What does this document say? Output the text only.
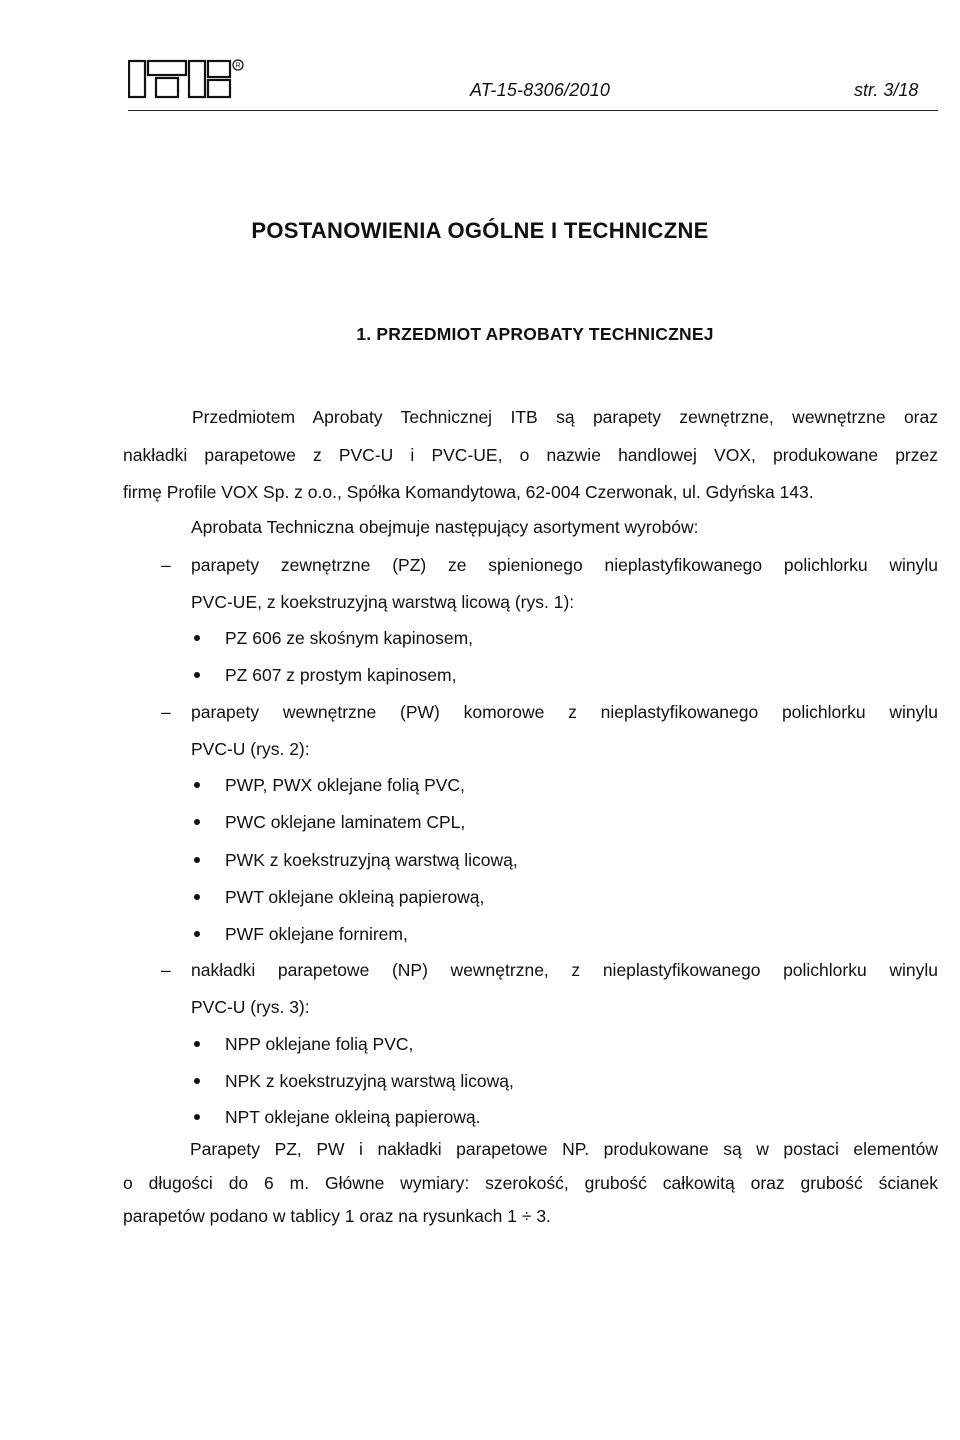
R
AT-15-8306/2010	str. 3/18
POSTANOWIENIA OGÓLNE I TECHNICZNE
1. PRZEDMIOT APROBATY TECHNICZNEJ
Przedmiotem Aprobaty Technicznej ITB są parapety zewnętrzne, wewnętrzne oraz
nakładki parapetowe z PVC-U i PVC-UE, o nazwie handlowej VOX, produkowane przez
firmę Profile VOX Sp. z o.o., Spółka Komandytowa, 62-004 Czerwonak, ul. Gdyńska 143.
Aprobata Techniczna obejmuje następujący asortyment wyrobów:
– parapety zewnętrzne (PZ) ze spienionego nieplastyfikowanego polichlorku winylu
PVC-UE, z koekstruzyjną warstwą licową (rys. 1):
PZ 606 ze skośnym kapinosem,
PZ 607 z prostym kapinosem,
– parapety wewnętrzne (PW) komorowe z nieplastyfikowanego polichlorku winylu
PVC-U (rys. 2):
PWP, PWX oklejane folią PVC,
PWC oklejane laminatem CPL,
PWK z koekstruzyjną warstwą licową,
PWT oklejane okleiną papierową,
PWF oklejane fornirem,
– nakładki parapetowe (NP) wewnętrzne, z nieplastyfikowanego polichlorku winylu
PVC-U (rys. 3):
NPP oklejane folią PVC,
NPK z koekstruzyjną warstwą licową,
NPT oklejane okleiną papierową.
Parapety PZ, PW i nakładki parapetowe NP. produkowane są w postaci elementów
o długości do 6 m. Główne wymiary: szerokość, grubość całkowitą oraz grubość ścianek
parapetów podano w tablicy 1 oraz na rysunkach 1 ÷ 3.
